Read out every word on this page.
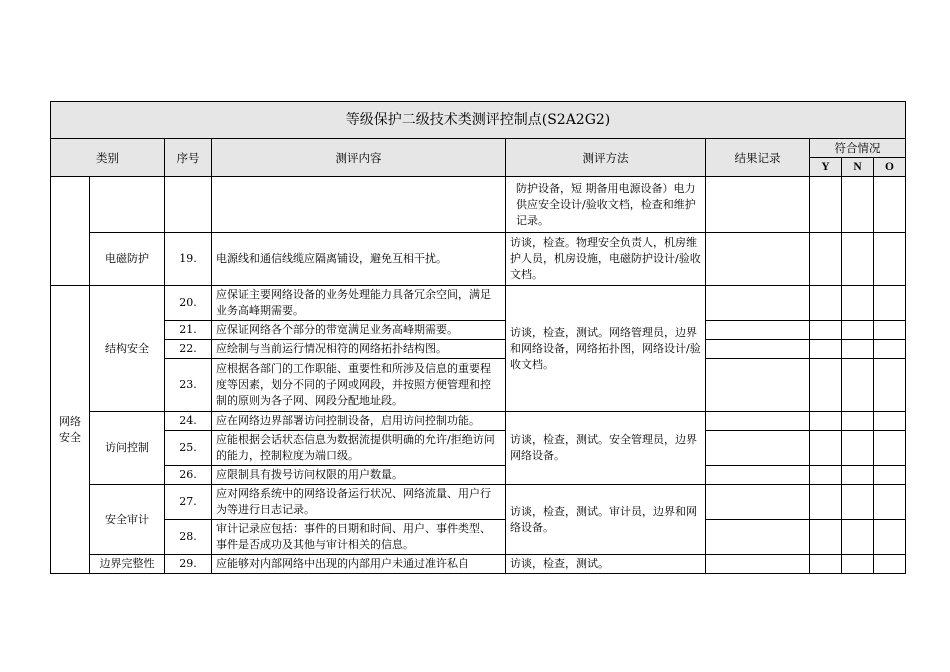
等级保护二级技术类测评控制点(S2A2G2)								
类别		序号	测评内容	测评方法	结果记录	符合情况		
						Y	N	O
				防护设备，短 期备用电源设备）电力供应安全设计/验收文档，检查和维护记录。				
	电磁防护	19.	电源线和通信线缆应隔离铺设，避免互相干扰。	访谈，检查。物理安全负责人，机房维护人员，机房设施，电磁防护设计/验收文档。				
网络安全	结构安全	20.	应保证主要网络设备的业务处理能力具备冗余空间，满足业务高峰期需要。	访谈，检查，测试。网络管理员，边界和网络设备，网络拓扑图，网络设计/验收文档。				
		21.	应保证网络各个部分的带宽满足业务高峰期需要。					
		22.	应绘制与当前运行情况相符的网络拓扑结构图。					
		23.	应根据各部门的工作职能、重要性和所涉及信息的重要程度等因素，划分不同的子网或网段，并按照方便管理和控制的原则为各子网、网段分配地址段。					
	访问控制	24.	应在网络边界部署访问控制设备，启用访问控制功能。	访谈，检查，测试。安全管理员，边界网络设备。				
		25.	应能根据会话状态信息为数据流提供明确的允许/拒绝访问的能力，控制粒度为端口级。					
		26.	应限制具有拨号访问权限的用户数量。					
	安全审计	27.	应对网络系统中的网络设备运行状况、网络流量、用户行为等进行日志记录。	访谈，检查，测试。审计员，边界和网络设备。				
		28.	审计记录应包括：事件的日期和时间、用户、事件类型、事件是否成功及其他与审计相关的信息。					
	边界完整性	29.	应能够对内部网络中出现的内部用户未通过准许私自	访谈，检查，测试。				
